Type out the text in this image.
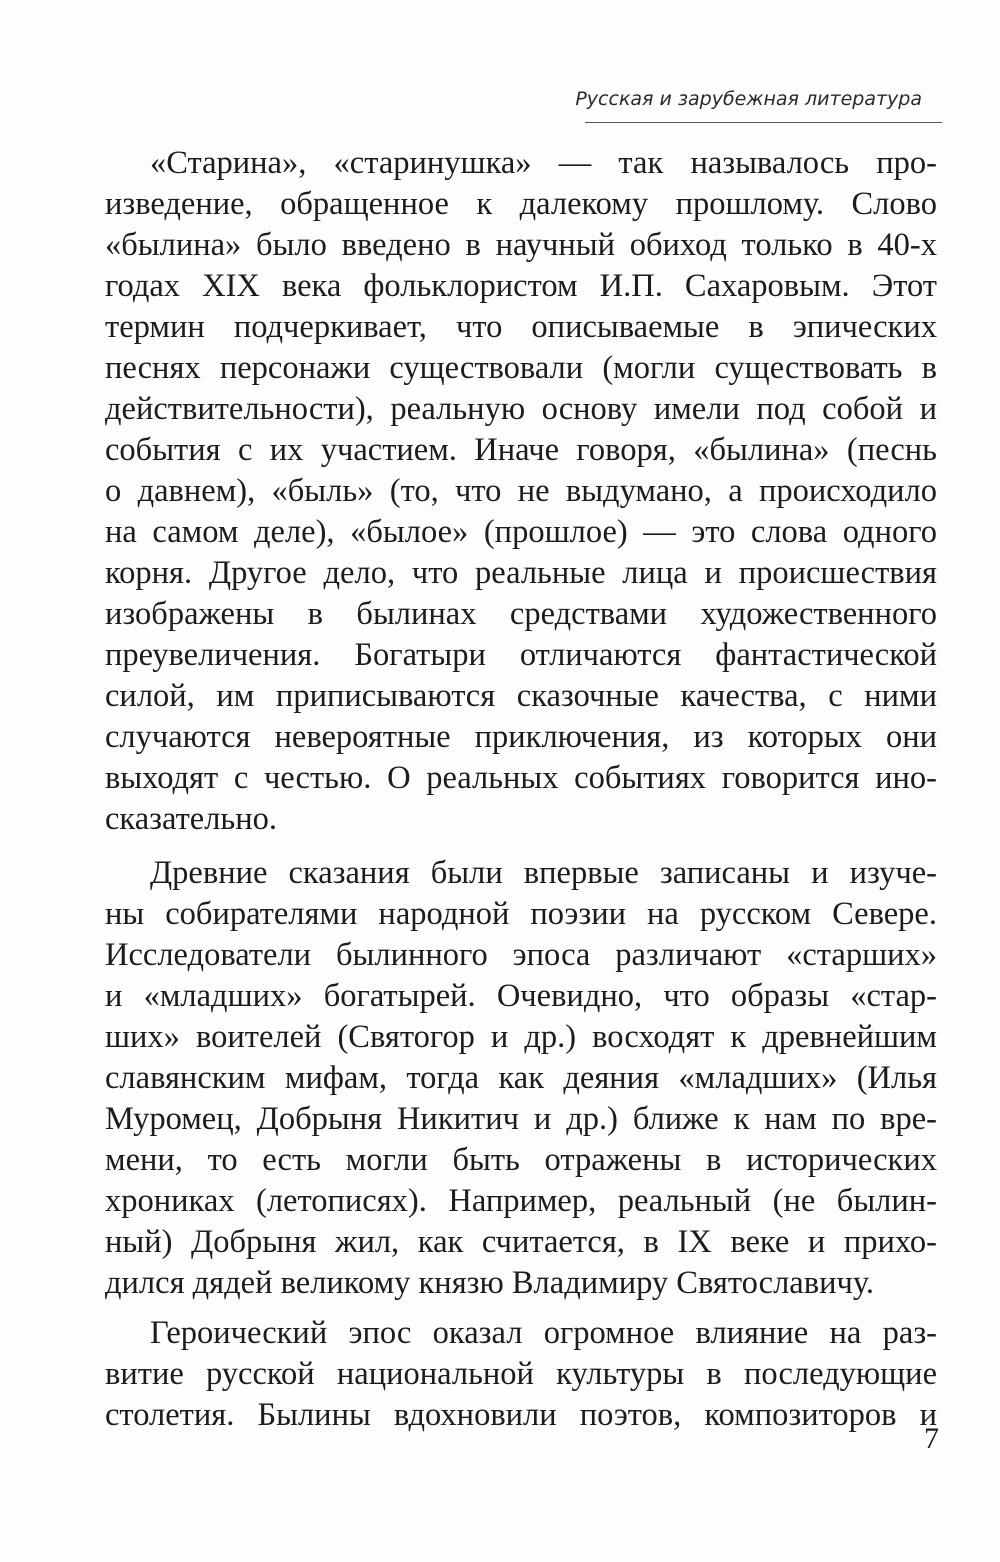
Русская и зарубежная литература
«Старина», «старинушка» — так называлось про-
изведение, обращенное к далекому прошлому. Слово
«былина» было введено в научный обиход только в 40-х
годах XIX века фольклористом И.П. Сахаровым. Этот
термин подчеркивает, что описываемые в эпических
песнях персонажи существовали (могли существовать в
действительности), реальную основу имели под собой и
события с их участием. Иначе говоря, «былина» (песнь
о давнем), «быль» (то, что не выдумано, а происходило
на самом деле), «былое» (прошлое) — это слова одного
корня. Другое дело, что реальные лица и происшествия
изображены в былинах средствами художественного
преувеличения. Богатыри отличаются фантастической
силой, им приписываются сказочные качества, с ними
случаются невероятные приключения, из которых они
выходят с честью. О реальных событиях говорится ино-
сказательно.
Древние сказания были впервые записаны и изуче-
ны собирателями народной поэзии на русском Севере.
Исследователи былинного эпоса различают «старших»
и «младших» богатырей. Очевидно, что образы «стар-
ших» воителей (Святогор и др.) восходят к древнейшим
славянским мифам, тогда как деяния «младших» (Илья
Муромец, Добрыня Никитич и др.) ближе к нам по вре-
мени, то есть могли быть отражены в исторических
хрониках (летописях). Например, реальный (не былин-
ный) Добрыня жил, как считается, в IX веке и прихо-
дился дядей великому князю Владимиру Святославичу.
Героический эпос оказал огромное влияние на раз-
витие русской национальной культуры в последующие
столетия. Былины вдохновили поэтов, композиторов и
7
